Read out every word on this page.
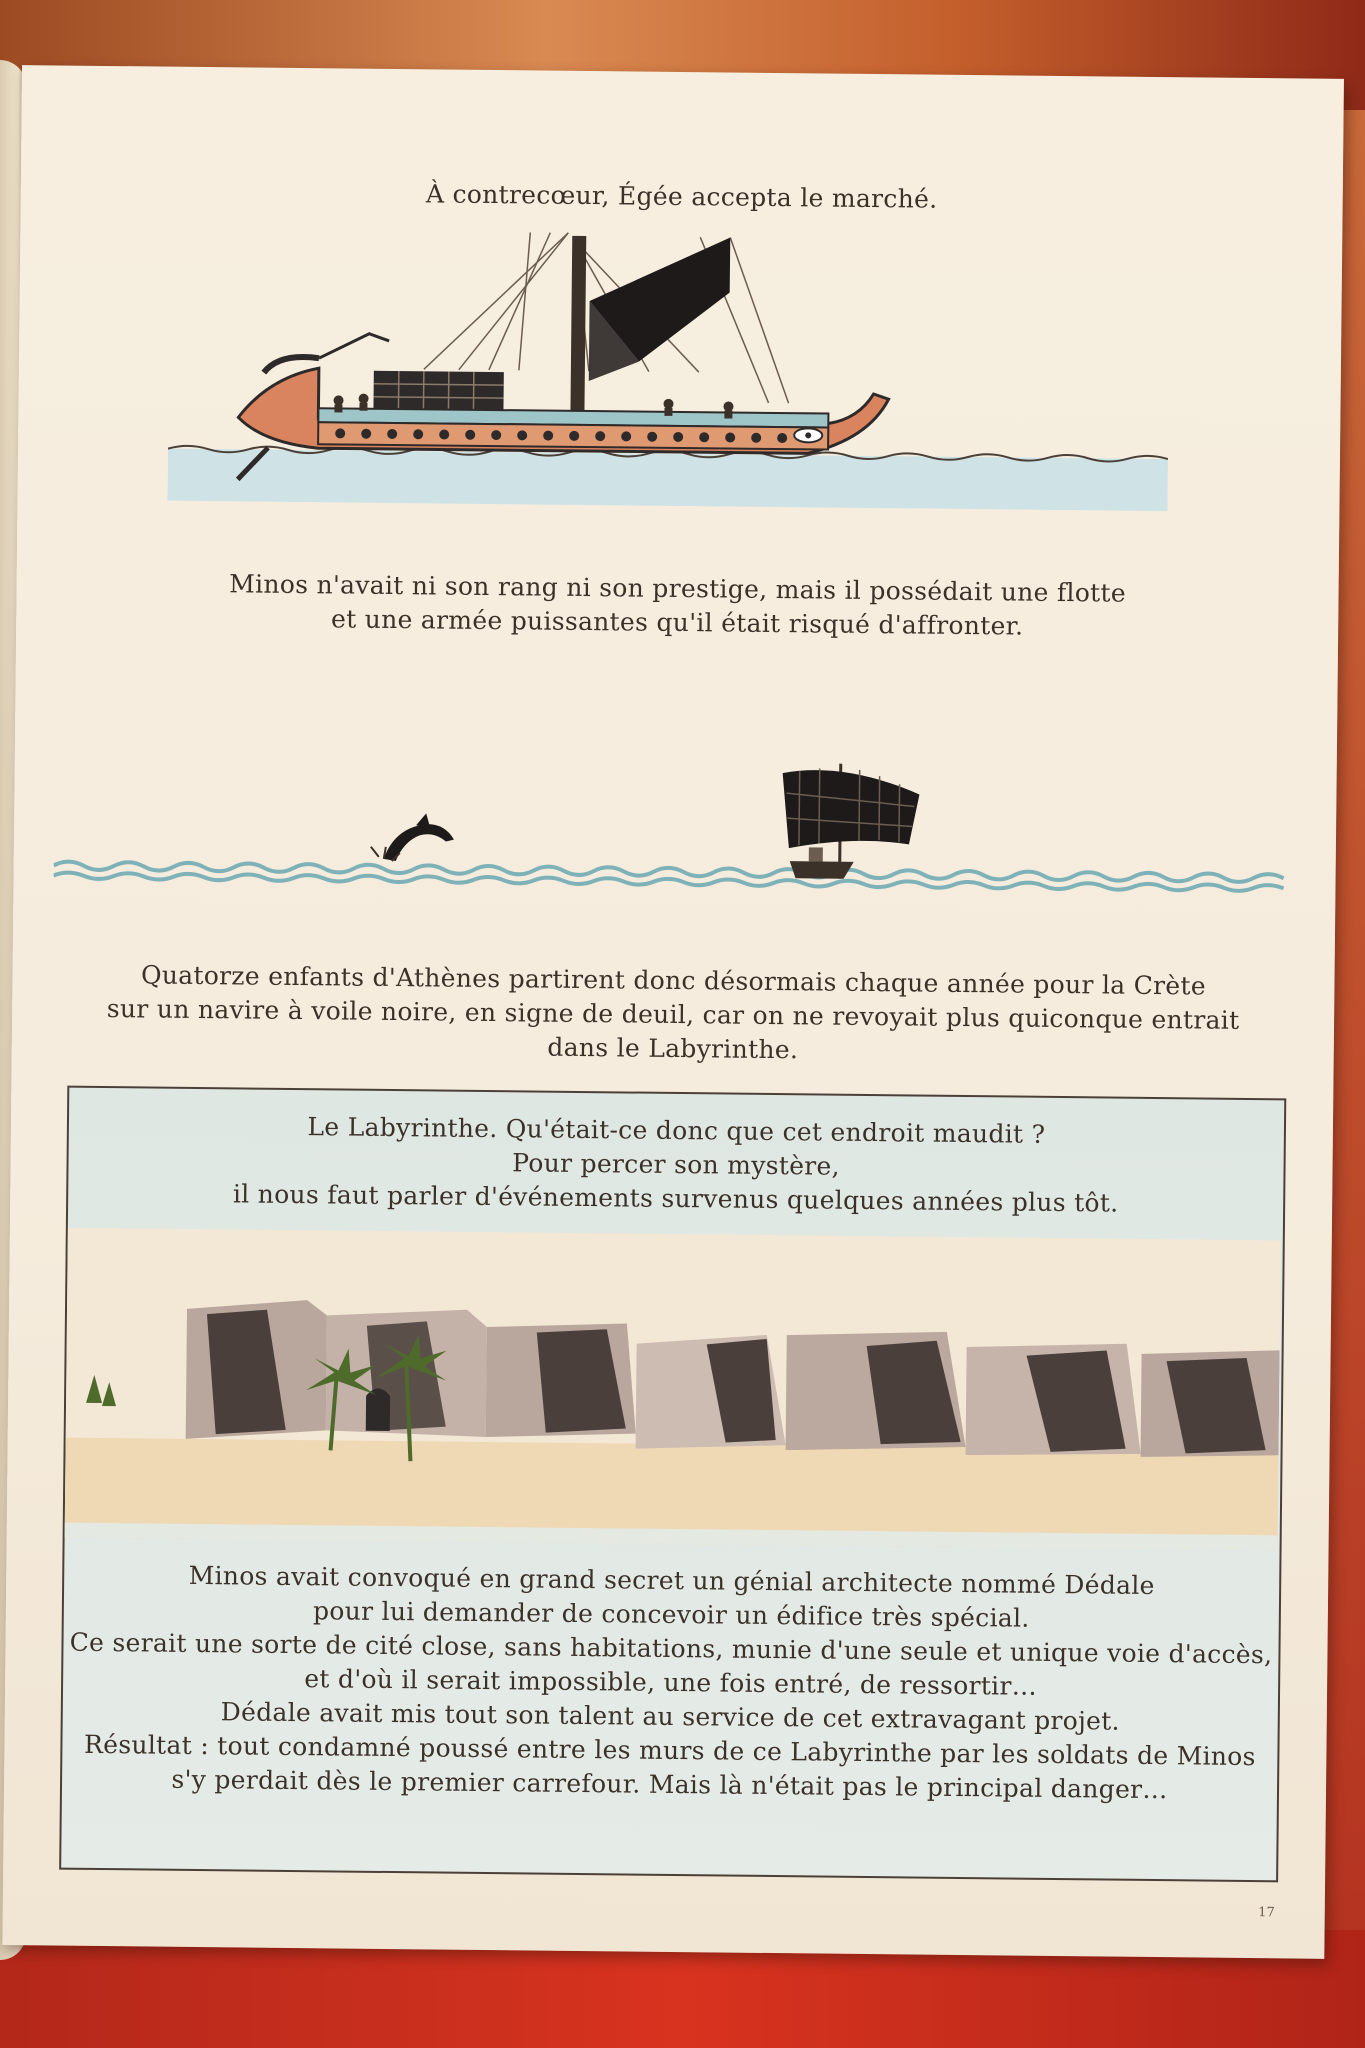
À contrecœur, Égée accepta le marché.
Minos n'avait ni son rang ni son prestige, mais il possédait une flotte
et une armée puissantes qu'il était risqué d'affronter.
Quatorze enfants d'Athènes partirent donc désormais chaque année pour la Crète
sur un navire à voile noire, en signe de deuil, car on ne revoyait plus quiconque entrait
dans le Labyrinthe.
Le Labyrinthe. Qu'était-ce donc que cet endroit maudit ?
Pour percer son mystère,
il nous faut parler d'événements survenus quelques années plus tôt.
Minos avait convoqué en grand secret un génial architecte nommé Dédale
pour lui demander de concevoir un édifice très spécial.
Ce serait une sorte de cité close, sans habitations, munie d'une seule et unique voie d'accès,
et d'où il serait impossible, une fois entré, de ressortir…
Dédale avait mis tout son talent au service de cet extravagant projet.
Résultat : tout condamné poussé entre les murs de ce Labyrinthe par les soldats de Minos
s'y perdait dès le premier carrefour. Mais là n'était pas le principal danger…
17
